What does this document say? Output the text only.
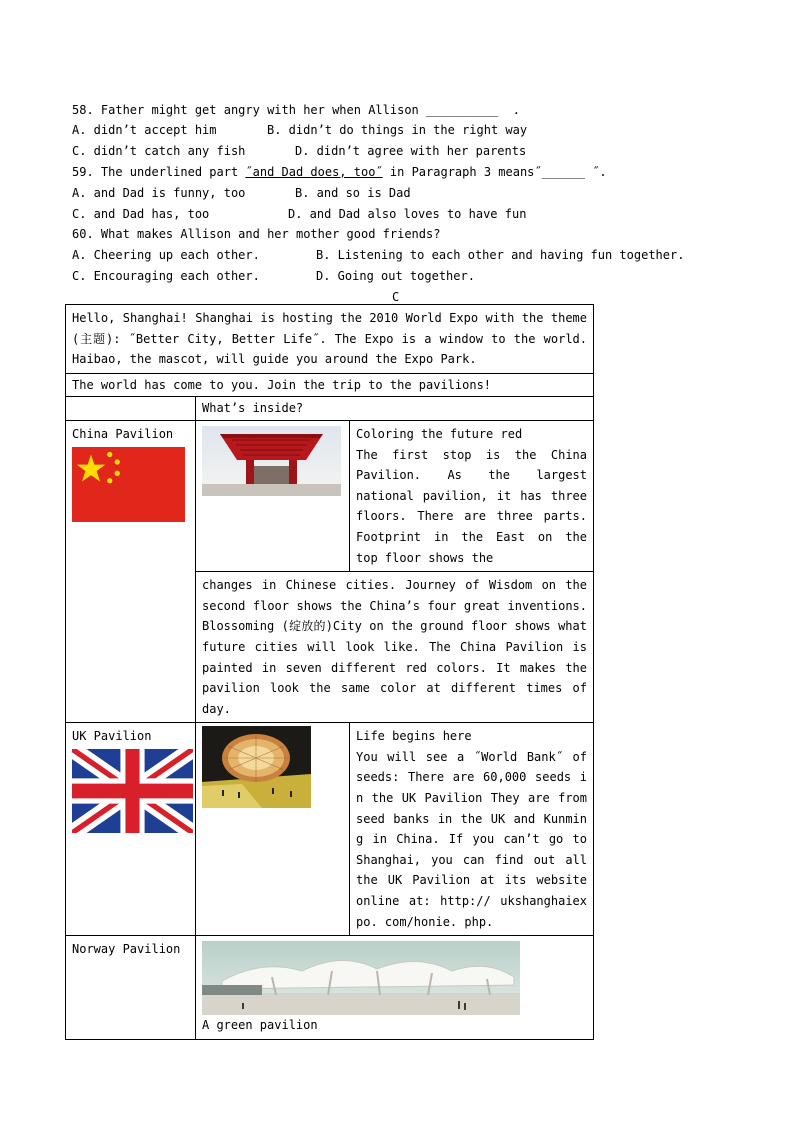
58. Father might get angry with her when Allison __________  .
A. didn’t accept him	B. didn’t do things in the right way
C. didn’t catch any fish	D. didn’t agree with her parents
59. The underlined part ˝and Dad does, too˝ in Paragraph 3 means˝______ ˝.
A. and Dad is funny, too	B. and so is Dad
C. and Dad has, too	D. and Dad also loves to have fun
60. What makes Allison and her mother good friends?
A. Cheering up each other.	B. Listening to each other and having fun together.
C. Encouraging each other.	D. Going out together.
C
Hello, Shanghai! Shanghai is hosting the 2010 World Expo with the theme (主题): ˝Better City, Better Life˝. The Expo is a window to the world. Haibao, the mascot, will guide you around the Expo Park.		
The world has come to you. Join the trip to the pavilions!		
	What’s inside?	

China Pavilion		Coloring the future red
The first stop is the China Pavilion. As the largest national pavilion, it has three floors. There are three parts. Footprint in the East on the top floor shows the

	changes in Chinese cities. Journey of Wisdom on the second floor shows the China’s four great inventions. Blossoming (绽放的)City on the ground floor shows what future cities will look like. The China Pavilion is painted in seven different red colors. It makes the pavilion look the same color at different times of day.	

UK Pavilion		Life begins here
You will see a ˝World Bank˝ of seeds: There are 60,000 seeds in the UK Pavilion They are from seed banks in the UK and Kunming in China. If you can’t go to Shanghai, you can find out all the UK Pavilion at its website online at: http:// ukshanghaiexpo. com/honie. php.

Norway Pavilion	A green pavilion	
